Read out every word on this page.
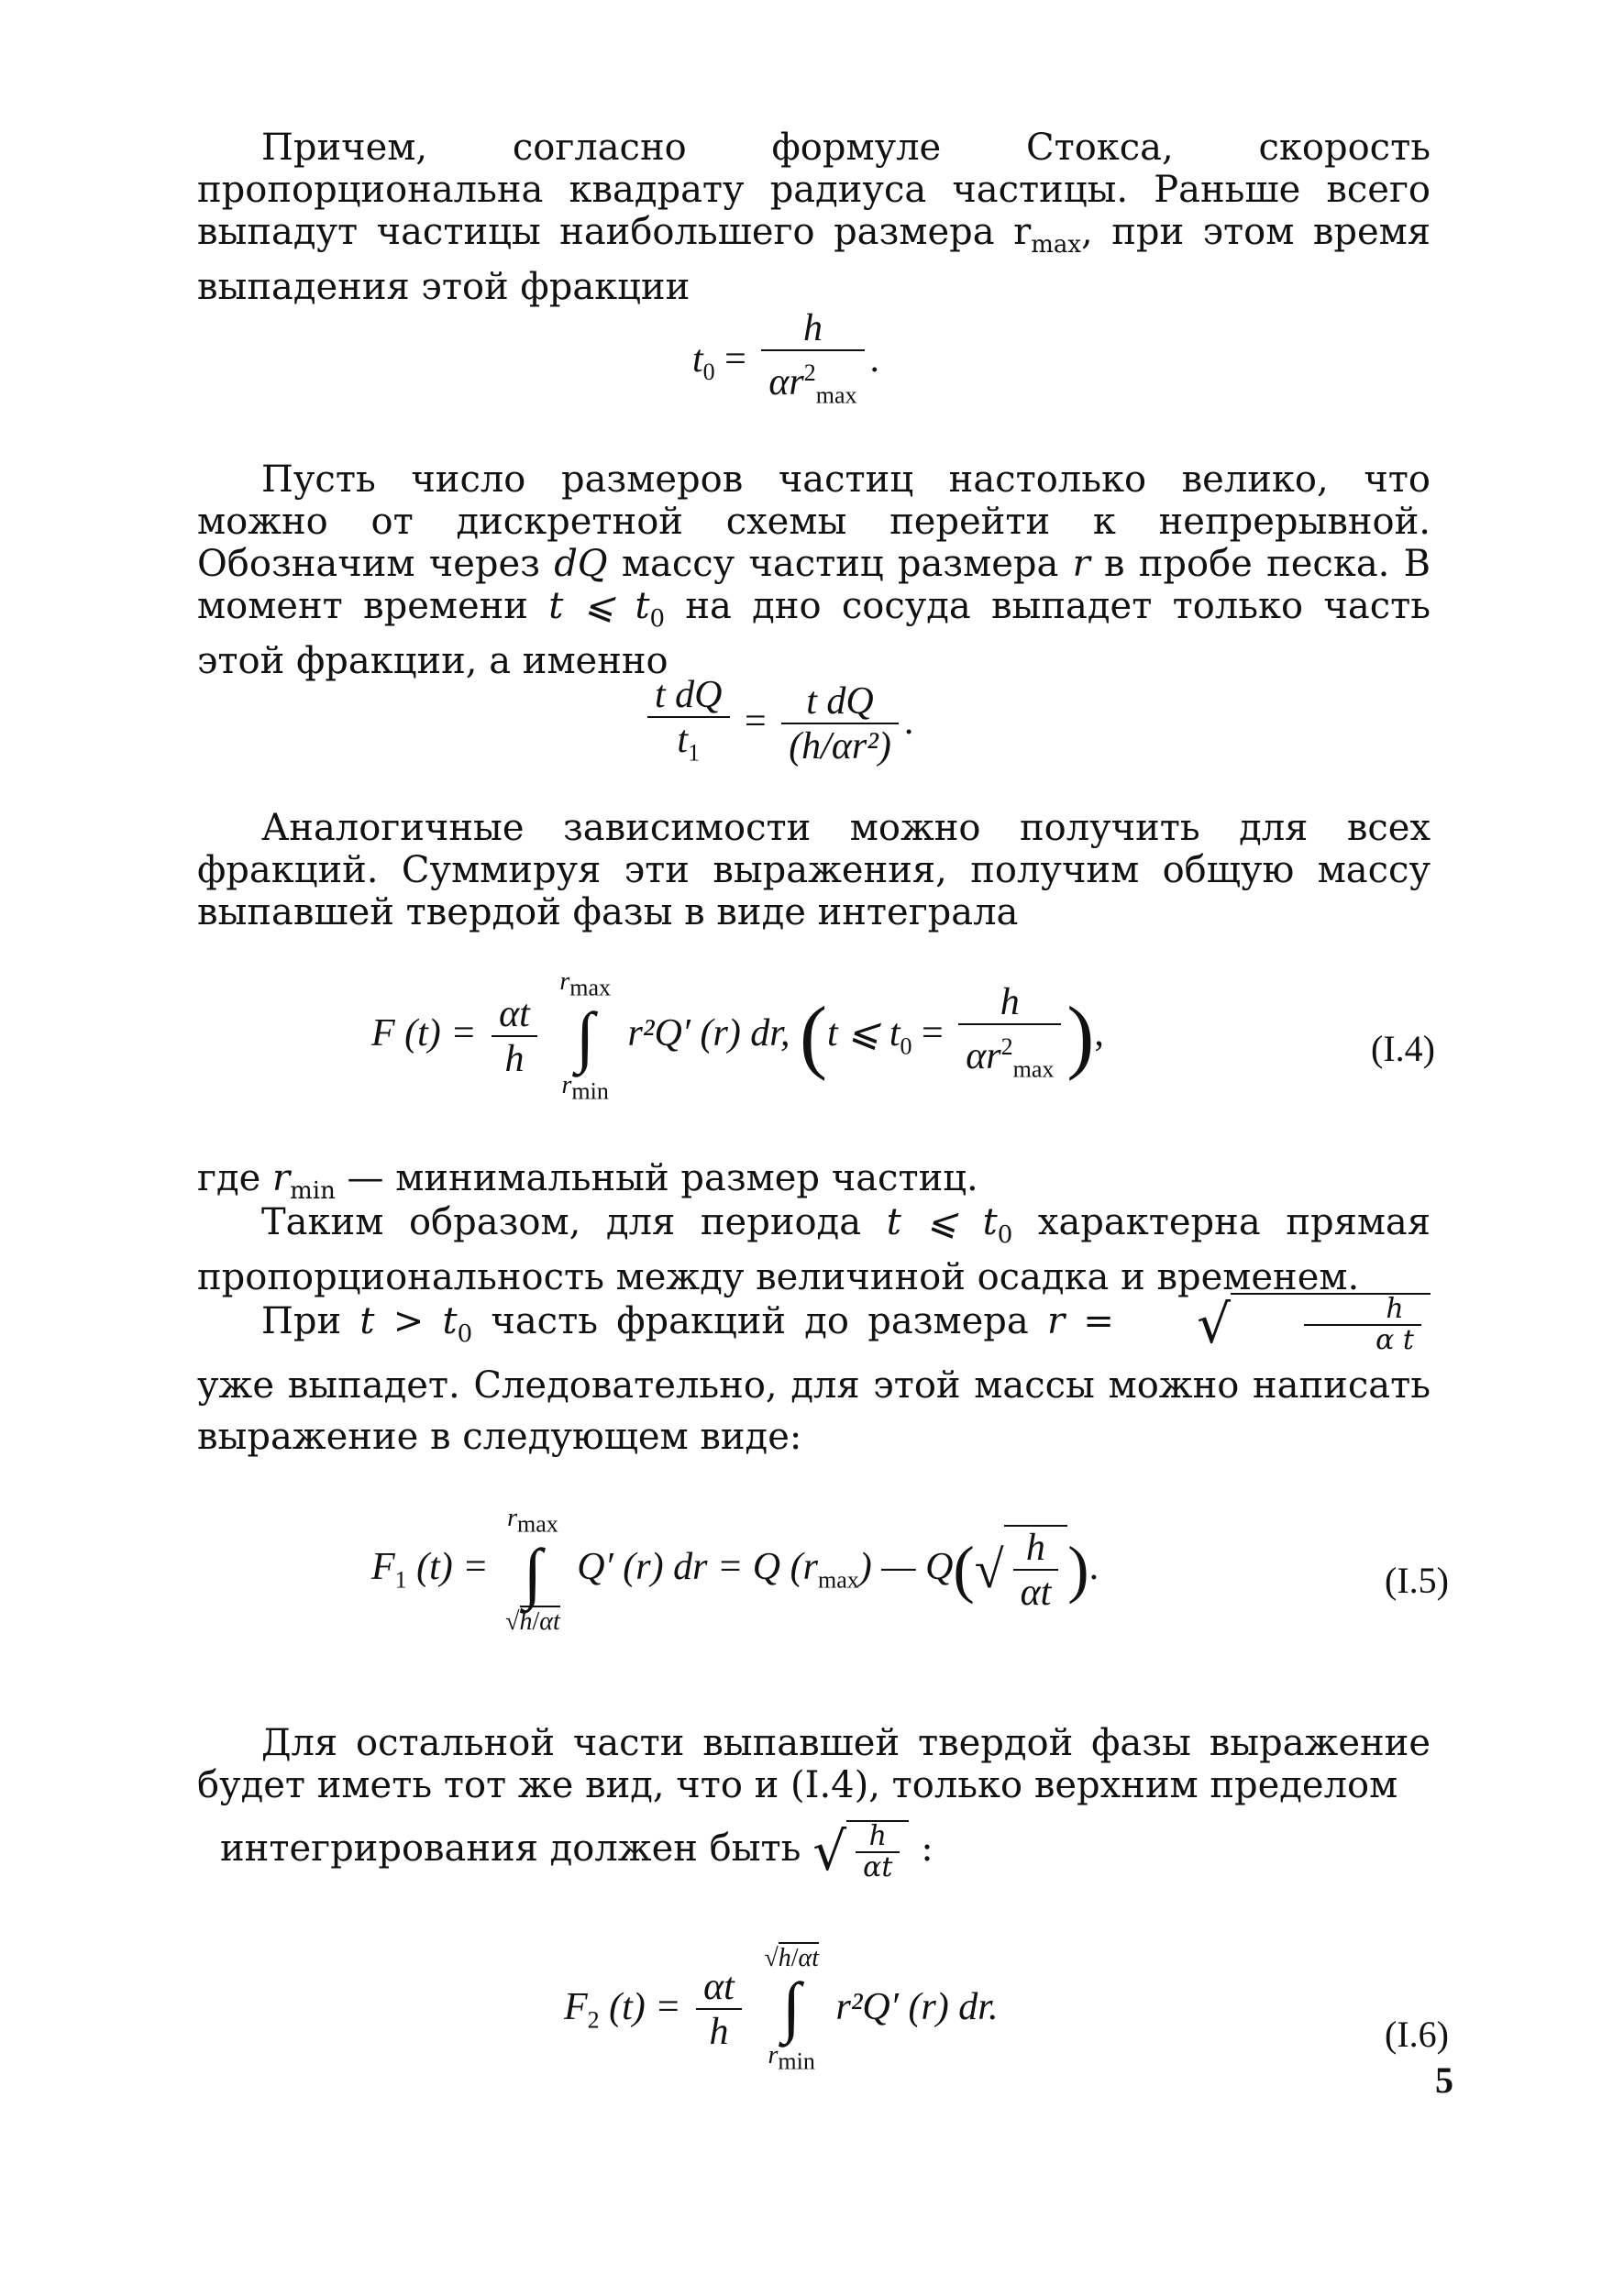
Причем, согласно формуле Стокса, скорость пропорциональна квадрату радиуса частицы. Раньше всего выпадут частицы наибольшего размера $r_{max}$, при этом время выпадения этой фракции

$t_0 = \frac{h}{\alpha r^2_{max}}$ .

Пусть число размеров частиц настолько велико, что можно от дискретной схемы перейти к непрерывной. Обозначим через dQ массу частиц размера r в пробе песка. В момент времени t ⩽ $t_0$ на дно сосуда выпадет только часть этой фракции, а именно

$\frac{\text{t dQ}}{t_1} = \frac{\text{t dQ}}{\text{(h/αr²)}}$ .

Аналогичные зависимости можно получить для всех фракций. Суммируя эти выражения, получим общую массу выпавшей твердой фазы в виде интеграла

F $(t) = \frac{\alpha t}{h}$

$r_{max}$
∫
$r_{min}$
r²Q′ (r) dr, (t ⩽ $t_0 = \frac{h}{\alpha r^2_{max}}$ ),	(I.4)

где $r_{min}$ — минимальный размер частиц.

Таким образом, для периода t ⩽ $t_0$ характерна прямая пропорциональность между величиной осадка и временем.

При $t > t_0$ часть фракций до размера r =	√	$\frac{h}{\text{α t}}$
уже выпадет. Следовательно, для этой массы можно написать выражение в следующем виде:

$F_1$ (t) =
$r_{max}$
∫
√h/αt
Q′ (r) dr = Q $(r_{max})$ — Q( √ $\frac{h}{\alpha t}$ ).	(I.5)

Для остальной части выпавшей твердой фазы выражение будет иметь тот же вид, что и (I.4), только верхним пределом

интегрирования должен быть √ $\frac{h}{\alpha t}$ :

$F_2$ $(t) = \frac{\alpha t}{h}$

√h/αt
∫
$r_{min}$
r²Q′ (r) dr.
(I.6)
5
